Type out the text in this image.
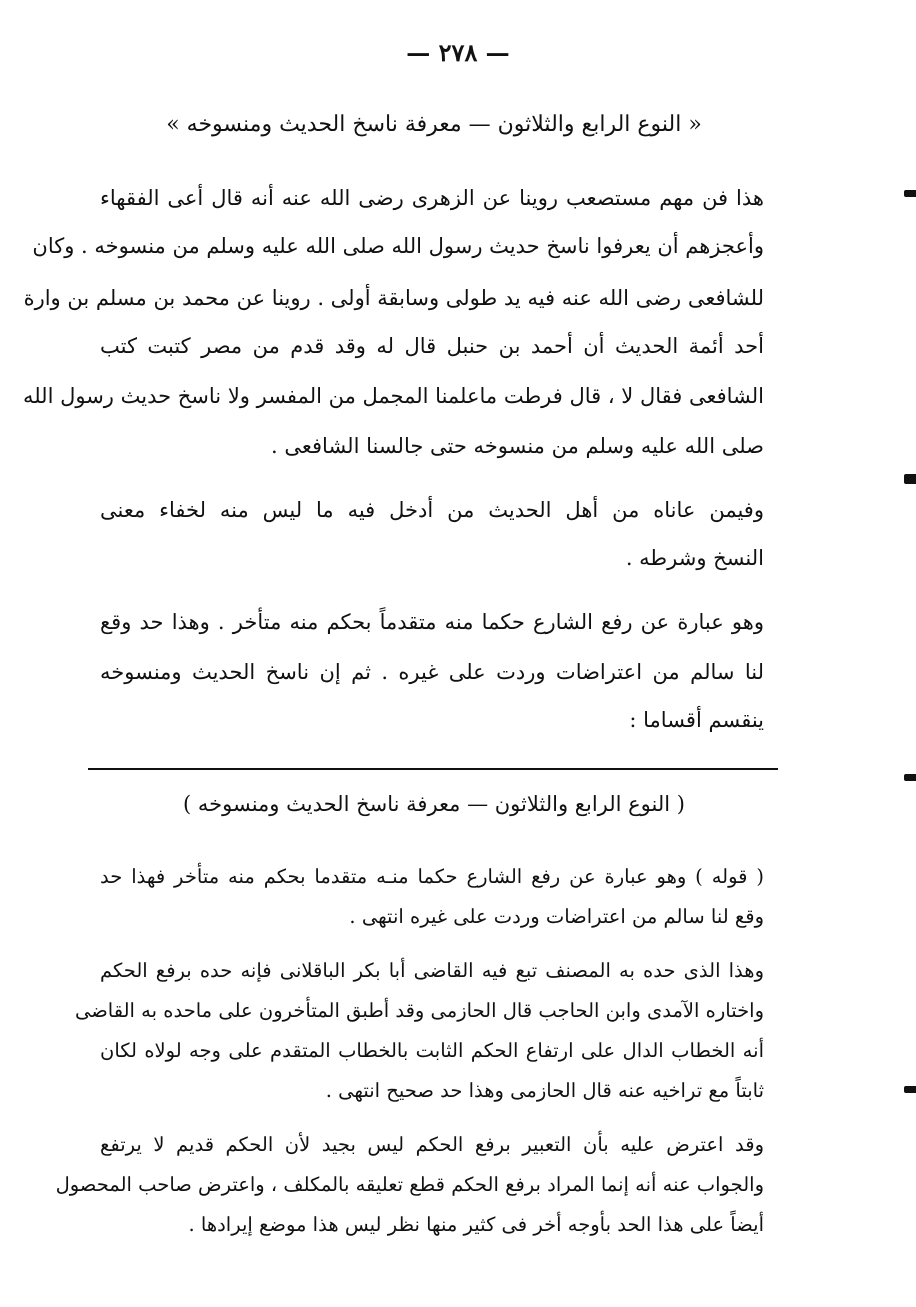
— ٢٧٨ —
« النوع الرابع والثلاثون — معرفة ناسخ الحديث ومنسوخه »
هذا فن مهم مستصعب روينا عن الزهرى رضى الله عنه أنه قال أعى الفقهاء
وأعجزهم أن يعرفوا ناسخ حديث رسول الله صلى الله عليه وسلم من منسوخه . وكان
للشافعى رضى الله عنه فيه يد طولى وسابقة أولى . روينا عن محمد بن مسلم بن وارة
أحد أئمة الحديث أن أحمد بن حنبل قال له وقد قدم من مصر كتبت كتب
الشافعى فقال لا ، قال فرطت ماعلمنا المجمل من المفسر ولا ناسخ حديث رسول الله
صلى الله عليه وسلم من منسوخه حتى جالسنا الشافعى .
وفيمن عاناه من أهل الحديث من أدخل فيه ما ليس منه لخفاء معنى
النسخ وشرطه .
وهو عبارة عن رفع الشارع حكما منه متقدماً بحكم منه متأخر . وهذا حد وقع
لنا سالم من اعتراضات وردت على غيره . ثم إن ناسخ الحديث ومنسوخه
ينقسم أقساما :
( النوع الرابع والثلاثون — معرفة ناسخ الحديث ومنسوخه )
( قوله ) وهو عبارة عن رفع الشارع حكما منـه متقدما بحكم منه متأخر فهذا حد
وقع لنا سالم من اعتراضات وردت على غيره انتهى .
وهذا الذى حده به المصنف تبع فيه القاضى أبا بكر الباقلانى فإنه حده برفع الحكم
واختاره الآمدى وابن الحاجب قال الحازمى وقد أطبق المتأخرون على ماحده به القاضى
أنه الخطاب الدال على ارتفاع الحكم الثابت بالخطاب المتقدم على وجه لولاه لكان
ثابتاً مع تراخيه عنه قال الحازمى وهذا حد صحيح انتهى .
وقد اعترض عليه بأن التعبير برفع الحكم ليس بجيد لأن الحكم قديم لا يرتفع
والجواب عنه أنه إنما المراد برفع الحكم قطع تعليقه بالمكلف ، واعترض صاحب المحصول
أيضاً على هذا الحد بأوجه أخر فى كثير منها نظر ليس هذا موضع إيرادها .
